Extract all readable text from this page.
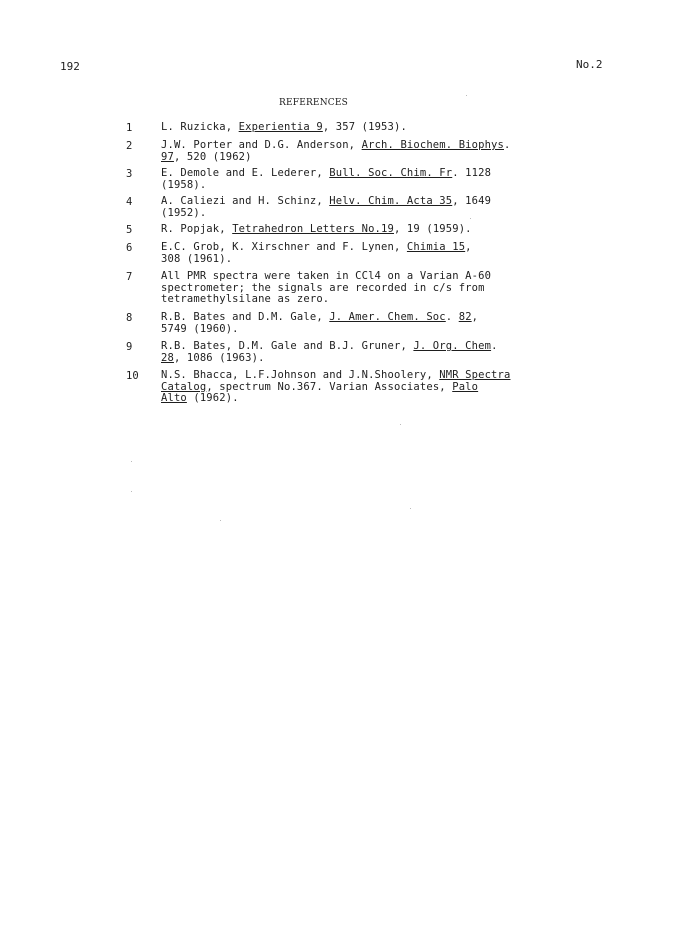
192	No.2
REFERENCES
1	L. Ruzicka, Experientia 9, 357 (1953).
2	J.W. Porter and D.G. Anderson, Arch. Biochem. Biophys.
97, 520 (1962)
3	E. Demole and E. Lederer, Bull. Soc. Chim. Fr. 1128
(1958).
4	A. Caliezi and H. Schinz, Helv. Chim. Acta 35, 1649
(1952).
5	R. Popjak, Tetrahedron Letters No.19, 19 (1959).
6	E.C. Grob, K. Xirschner and F. Lynen, Chimia 15,
308 (1961).
7	All PMR spectra were taken in CCl4 on a Varian A-60
spectrometer; the signals are recorded in c/s from
tetramethylsilane as zero.
8	R.B. Bates and D.M. Gale, J. Amer. Chem. Soc. 82,
5749 (1960).
9	R.B. Bates, D.M. Gale and B.J. Gruner, J. Org. Chem.
28, 1086 (1963).
10	N.S. Bhacca, L.F.Johnson and J.N.Shoolery, NMR Spectra
Catalog, spectrum No.367. Varian Associates, Palo
Alto (1962).
